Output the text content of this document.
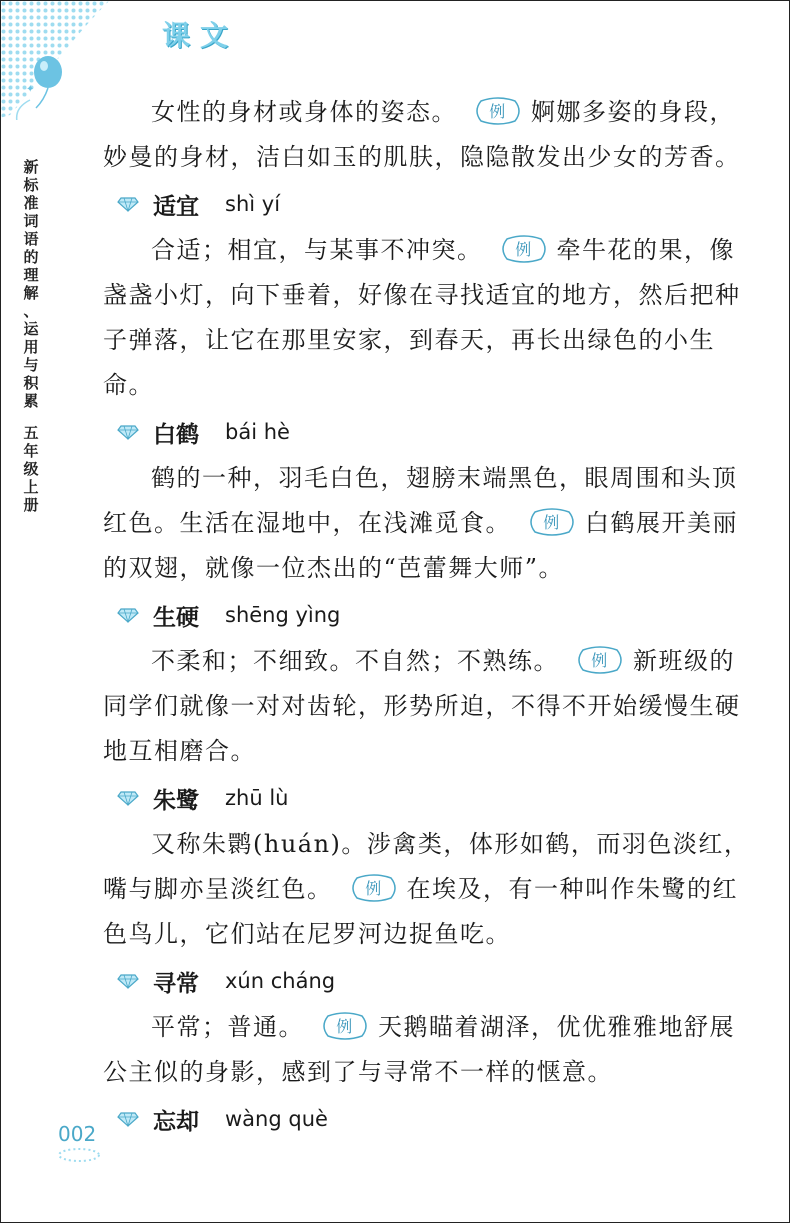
✦
课文
新
标
准
词
语
的
理
解
、
运
用
与
积
累
五
年
级
上
册

女性的身材或身体的姿态。 例 婀娜多姿的身段，妙曼的身材，洁白如玉的肌肤，隐隐散发出少女的芳香。

适宜 shì yí

合适；相宜，与某事不冲突。 例 牵牛花的果，像盏盏小灯，向下垂着，好像在寻找适宜的地方，然后把种子弹落，让它在那里安家，到春天，再长出绿色的小生命。

白鹤 bái hè

鹤的一种，羽毛白色，翅膀末端黑色，眼周围和头顶红色。生活在湿地中，在浅滩觅食。 例 白鹤展开美丽的双翅，就像一位杰出的“芭蕾舞大师”。

生硬 shēng yìng

不柔和；不细致。不自然；不熟练。 例 新班级的同学们就像一对对齿轮，形势所迫，不得不开始缓慢生硬地互相磨合。

朱鹭 zhū lù

又称朱鹮(huán)。涉禽类，体形如鹤，而羽色淡红，嘴与脚亦呈淡红色。 例 在埃及，有一种叫作朱鹭的红色鸟儿，它们站在尼罗河边捉鱼吃。

寻常 xún cháng

平常；普通。 例 天鹅瞄着湖泽，优优雅雅地舒展公主似的身影，感到了与寻常不一样的惬意。

忘却 wàng què
002
